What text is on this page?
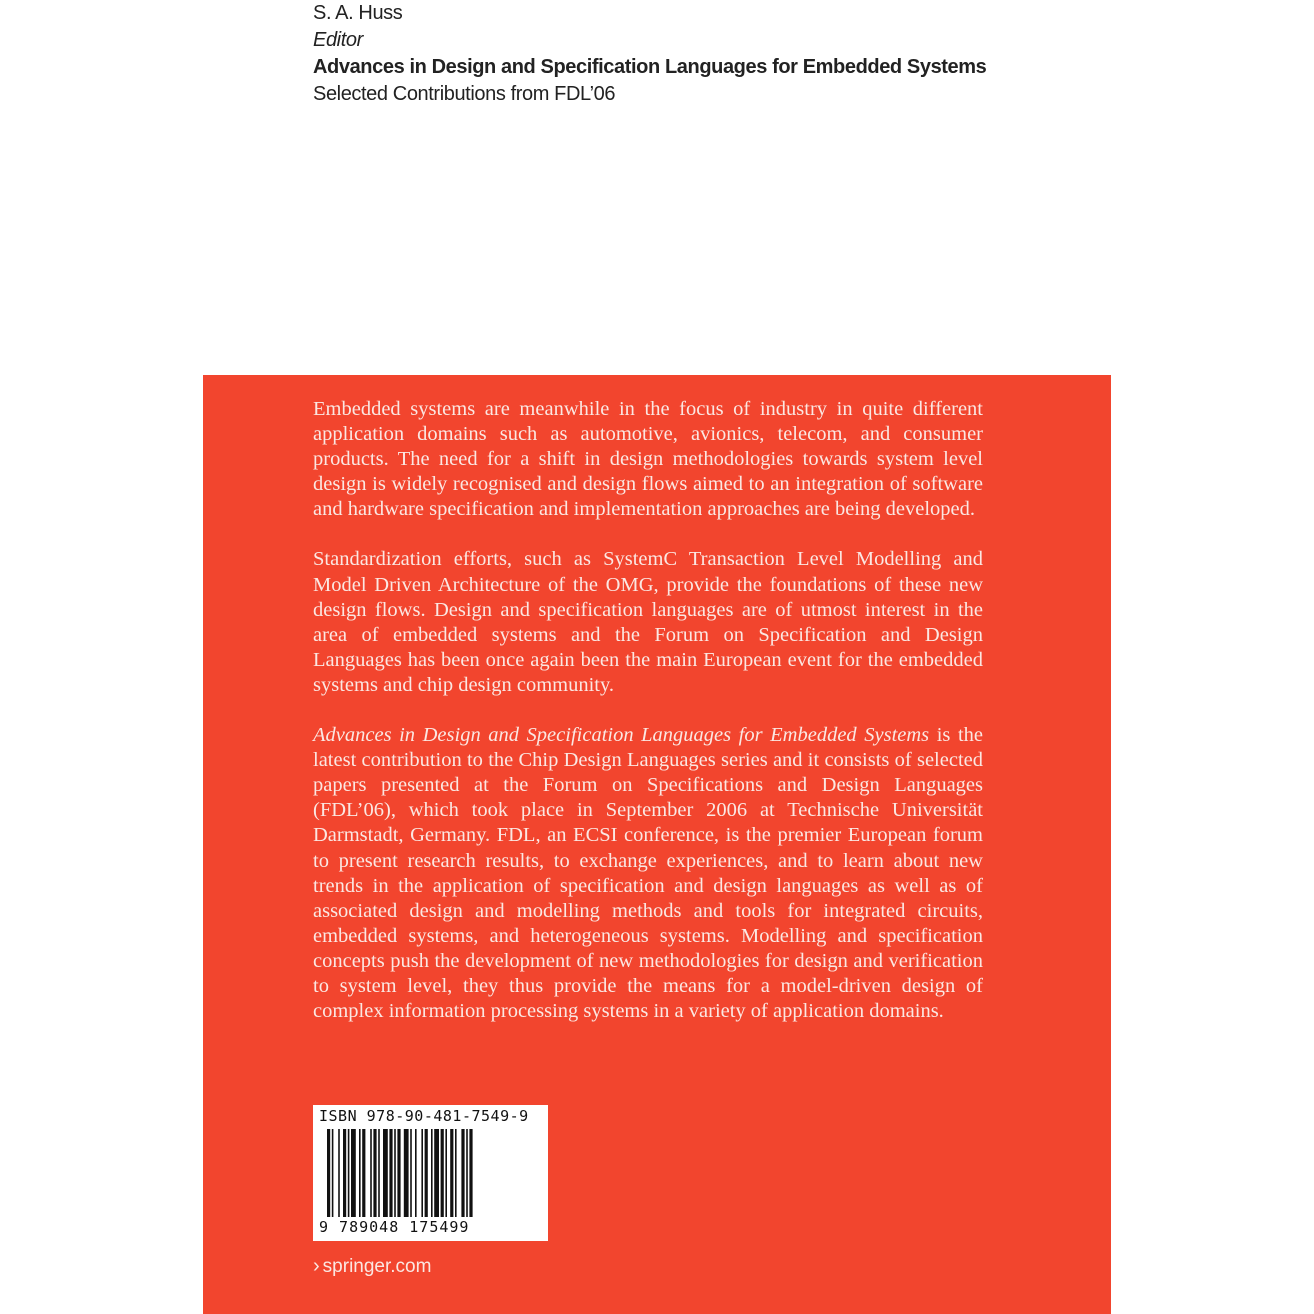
S. A. Huss
Editor
Advances in Design and Specification Languages for Embedded Systems
Selected Contributions from FDL’06

Embedded systems are meanwhile in the focus of industry in quite different application domains such as automotive, avionics, telecom, and consumer products. The need for a shift in design methodologies towards system level design is widely recognised and design flows aimed to an integration of software and hardware specification and implementation approaches are being developed.

Standardization efforts, such as SystemC Transaction Level Modelling and Model Driven Architecture of the OMG, provide the foundations of these new design flows. Design and specification languages are of utmost interest in the area of embedded systems and the Forum on Specification and Design Languages has been once again been the main European event for the embedded systems and chip design community.

Advances in Design and Specification Languages for Embedded Systems is the latest contribution to the Chip Design Languages series and it consists of selected papers presented at the Forum on Specifications and Design Languages (FDL’06), which took place in September 2006 at Technische Universität Darmstadt, Germany. FDL, an ECSI conference, is the premier European forum to present research results, to exchange experiences, and to learn about new trends in the application of specification and design languages as well as of associated design and modelling methods and tools for integrated circuits, embedded systems, and heterogeneous systems. Modelling and specification concepts push the development of new methodologies for design and verification to system level, they thus provide the means for a model-driven design of complex information processing systems in a variety of application domains.

ISBN 978-90-481-7549-9
9 789048 175499
› springer.com
